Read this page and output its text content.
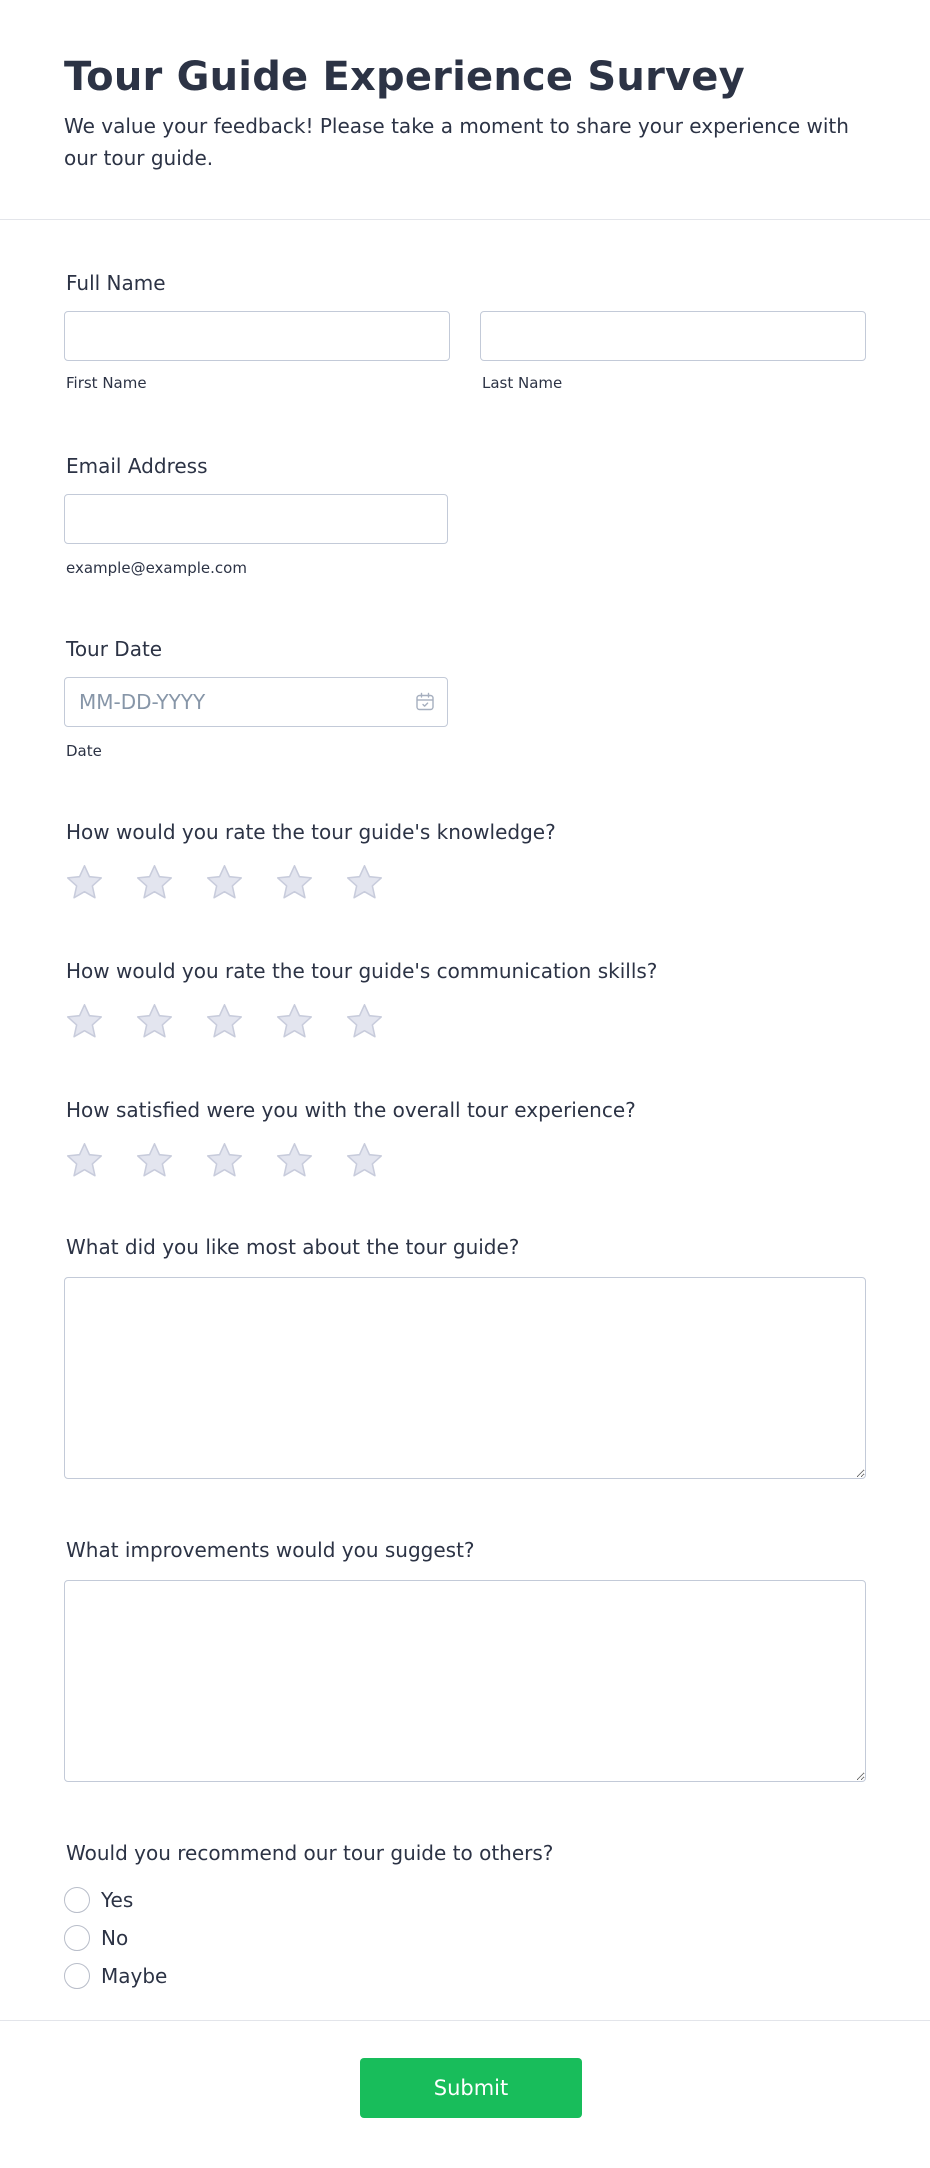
Tour Guide Experience Survey

We value your feedback! Please take a moment to share your experience with our tour guide.

Full Name
First Name	Last Name
Email Address
example@example.com
Tour Date
MM-DD-YYYY
Date
How would you rate the tour guide's knowledge?
How would you rate the tour guide's communication skills?
How satisfied were you with the overall tour experience?
What did you like most about the tour guide?
What improvements would you suggest?
Would you recommend our tour guide to others?
Yes
No
Maybe
Submit
